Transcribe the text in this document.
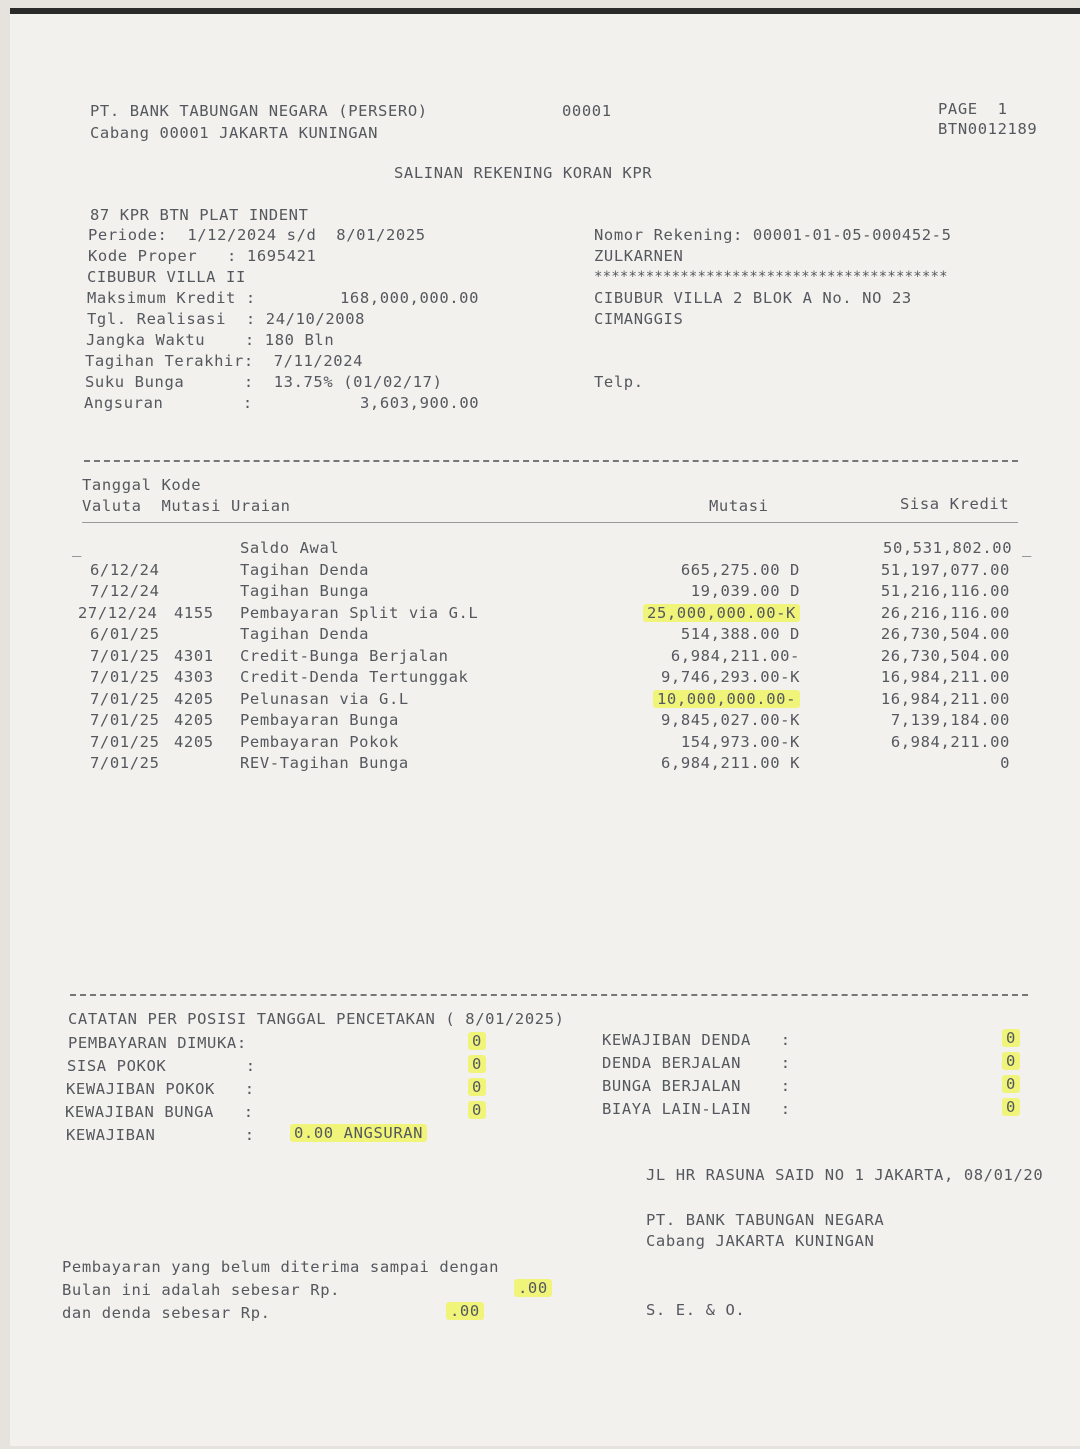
PT. BANK TABUNGAN NEGARA (PERSERO)
Cabang 00001 JAKARTA KUNINGAN
00001	PAGE  1
BTN0012189
SALINAN REKENING KORAN KPR
87 KPR BTN PLAT INDENT
Periode:  1/12/2024 s/d  8/01/2025
Kode Proper   : 1695421
CIBUBUR VILLA II
Maksimum Kredit :	168,000,000.00
Tgl. Realisasi  : 24/10/2008
Jangka Waktu    : 180 Bln
Tagihan Terakhir:  7/11/2024
Suku Bunga      :  13.75% (01/02/17)
Angsuran        :	3,603,900.00
Nomor Rekening: 00001-01-05-000452-5
ZULKARNEN
*****************************************
CIBUBUR VILLA 2 BLOK A No. NO 23
CIMANGGIS
Telp.
Tanggal Kode
Valuta  Mutasi Uraian	Mutasi	Sisa Kredit
_	Saldo Awal	50,531,802.00 _
6/12/24	Tagihan Denda	665,275.00 D	51,197,077.00
7/12/24	Tagihan Bunga	19,039.00 D	51,216,116.00
27/12/24 4155 Pembayaran Split via G.L	25,000,000.00-K	26,216,116.00
6/01/25	Tagihan Denda	514,388.00 D	26,730,504.00
7/01/25 4301 Credit-Bunga Berjalan	6,984,211.00-	26,730,504.00
7/01/25 4303 Credit-Denda Tertunggak	9,746,293.00-K	16,984,211.00
7/01/25 4205 Pelunasan via G.L	10,000,000.00-	16,984,211.00
7/01/25 4205 Pembayaran Bunga	9,845,027.00-K	7,139,184.00
7/01/25 4205 Pembayaran Pokok	154,973.00-K	6,984,211.00
7/01/25	REV-Tagihan Bunga	6,984,211.00 K	0
CATATAN PER POSISI TANGGAL PENCETAKAN ( 8/01/2025)
PEMBAYARAN DIMUKA:	0
SISA POKOK        :	0
KEWAJIBAN POKOK   :	0
KEWAJIBAN BUNGA   :	0
KEWAJIBAN DENDA   :	0
DENDA BERJALAN    :	0
BUNGA BERJALAN    :	0
BIAYA LAIN-LAIN   :	0
KEWAJIBAN         :	0.00 ANGSURAN
JL HR RASUNA SAID NO 1 JAKARTA, 08/01/20
PT. BANK TABUNGAN NEGARA
Cabang JAKARTA KUNINGAN
S. E. & O.
Pembayaran yang belum diterima sampai dengan
Bulan ini adalah sebesar Rp.	.00
dan denda sebesar Rp.	.00
